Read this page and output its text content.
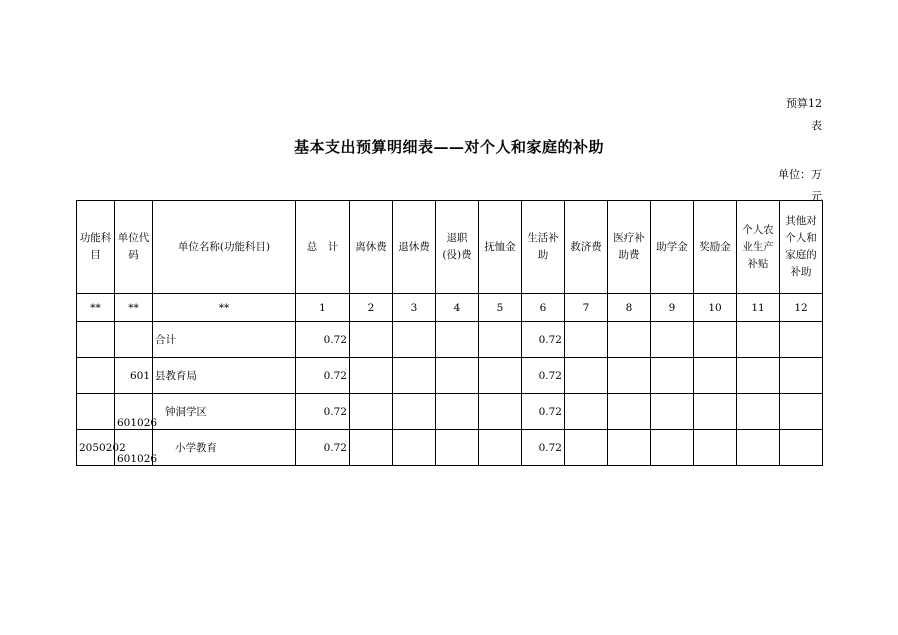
预算12
表
基本支出预算明细表——对个人和家庭的补助
单位：万
元
功能科目	单位代码	单位名称(功能科目)	总　计	离休费	退休费	退职(役)费	抚恤金	生活补助	救济费	医疗补助费	助学金	奖励金	个人农业生产补贴	其他对个人和家庭的补助
**	**	**	1	2	3	4	5	6	7	8	9	10	11	12
		合计	0.72					0.72						
	601	县教育局	0.72					0.72						
	601026	钟洞学区	0.72					0.72						
2050202	601026	小学教育	0.72					0.72						
